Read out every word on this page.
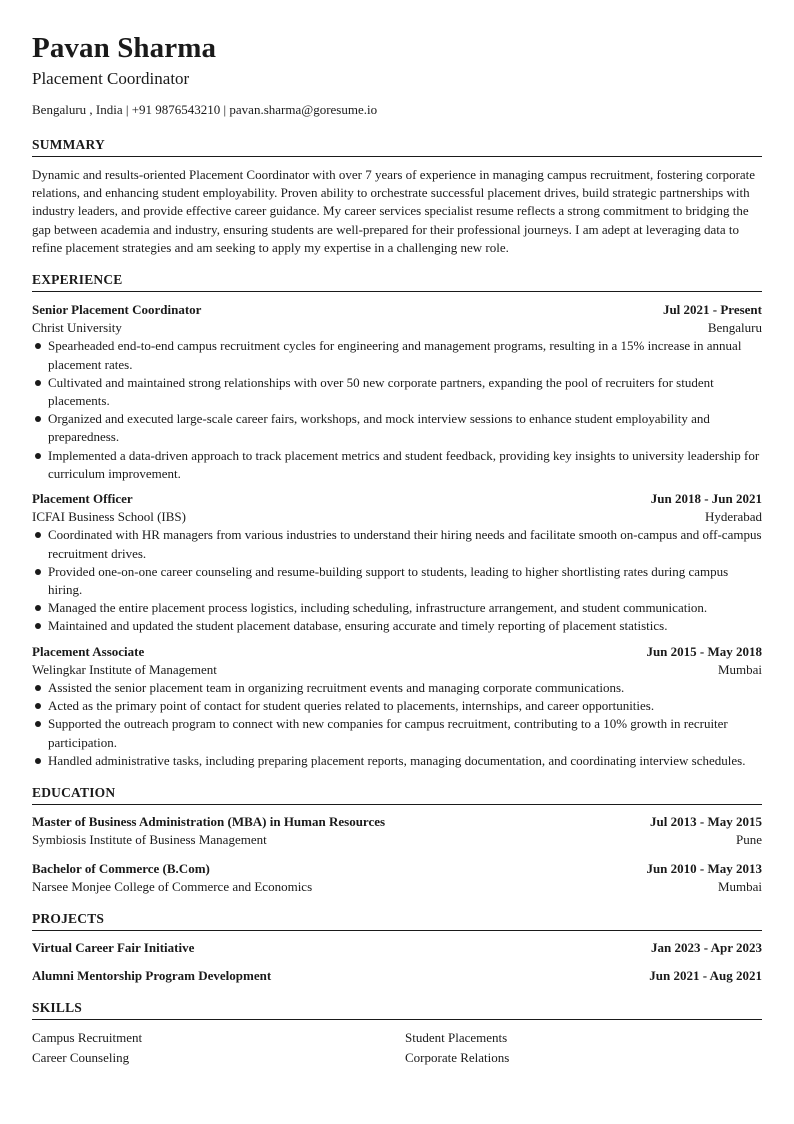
Pavan Sharma
Placement Coordinator
Bengaluru , India | +91 9876543210 | pavan.sharma@goresume.io
SUMMARY

Dynamic and results-oriented Placement Coordinator with over 7 years of experience in managing campus recruitment, fostering corporate relations, and enhancing student employability. Proven ability to orchestrate successful placement drives, build strategic partnerships with industry leaders, and provide effective career guidance. My career services specialist resume reflects a strong commitment to bridging the gap between academia and industry, ensuring students are well-prepared for their professional journeys. I am adept at leveraging data to refine placement strategies and am seeking to apply my expertise in a challenging new role.

EXPERIENCE
Senior Placement Coordinator	Jul 2021 - Present
Christ University	Bengaluru
Spearheaded end-to-end campus recruitment cycles for engineering and management programs, resulting in a 15% increase in annual placement rates.
Cultivated and maintained strong relationships with over 50 new corporate partners, expanding the pool of recruiters for student placements.
Organized and executed large-scale career fairs, workshops, and mock interview sessions to enhance student employability and preparedness.
Implemented a data-driven approach to track placement metrics and student feedback, providing key insights to university leadership for curriculum improvement.
Placement Officer	Jun 2018 - Jun 2021
ICFAI Business School (IBS)	Hyderabad
Coordinated with HR managers from various industries to understand their hiring needs and facilitate smooth on-campus and off-campus recruitment drives.
Provided one-on-one career counseling and resume-building support to students, leading to higher shortlisting rates during campus hiring.
Managed the entire placement process logistics, including scheduling, infrastructure arrangement, and student communication.
Maintained and updated the student placement database, ensuring accurate and timely reporting of placement statistics.
Placement Associate	Jun 2015 - May 2018
Welingkar Institute of Management	Mumbai
Assisted the senior placement team in organizing recruitment events and managing corporate communications.
Acted as the primary point of contact for student queries related to placements, internships, and career opportunities.
Supported the outreach program to connect with new companies for campus recruitment, contributing to a 10% growth in recruiter participation.
Handled administrative tasks, including preparing placement reports, managing documentation, and coordinating interview schedules.
EDUCATION
Master of Business Administration (MBA) in Human Resources	Jul 2013 - May 2015
Symbiosis Institute of Business Management	Pune
Bachelor of Commerce (B.Com)	Jun 2010 - May 2013
Narsee Monjee College of Commerce and Economics	Mumbai
PROJECTS
Virtual Career Fair Initiative	Jan 2023 - Apr 2023
Alumni Mentorship Program Development	Jun 2021 - Aug 2021
SKILLS
Campus Recruitment	Student Placements
Career Counseling	Corporate Relations
